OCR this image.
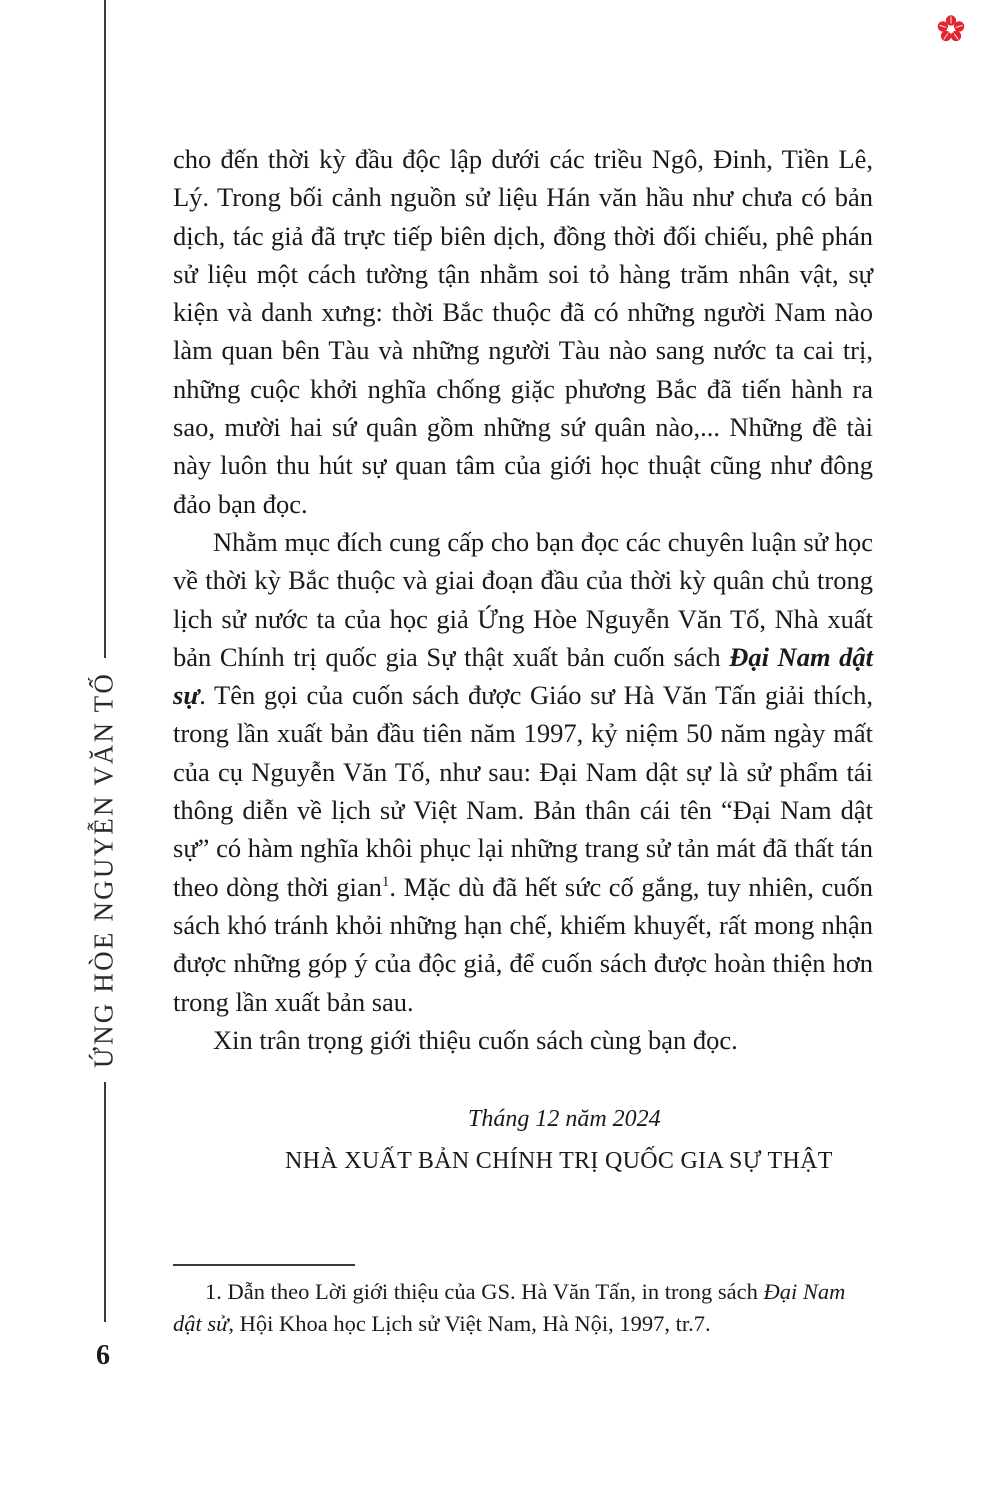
ỨNG HÒE NGUYỄN VĂN TỐ

cho đến thời kỳ đầu độc lập dưới các triều Ngô, Đinh, Tiền Lê, Lý. Trong bối cảnh nguồn sử liệu Hán văn hầu như chưa có bản dịch, tác giả đã trực tiếp biên dịch, đồng thời đối chiếu, phê phán sử liệu một cách tường tận nhằm soi tỏ hàng trăm nhân vật, sự kiện và danh xưng: thời Bắc thuộc đã có những người Nam nào làm quan bên Tàu và những người Tàu nào sang nước ta cai trị, những cuộc khởi nghĩa chống giặc phương Bắc đã tiến hành ra sao, mười hai sứ quân gồm những sứ quân nào,... Những đề tài này luôn thu hút sự quan tâm của giới học thuật cũng như đông đảo bạn đọc.

Nhằm mục đích cung cấp cho bạn đọc các chuyên luận sử học về thời kỳ Bắc thuộc và giai đoạn đầu của thời kỳ quân chủ trong lịch sử nước ta của học giả Ứng Hòe Nguyễn Văn Tố, Nhà xuất bản Chính trị quốc gia Sự thật xuất bản cuốn sách Đại Nam dật sự. Tên gọi của cuốn sách được Giáo sư Hà Văn Tấn giải thích, trong lần xuất bản đầu tiên năm 1997, kỷ niệm 50 năm ngày mất của cụ Nguyễn Văn Tố, như sau: Đại Nam dật sự là sử phẩm tái thông diễn về lịch sử Việt Nam. Bản thân cái tên “Đại Nam dật sự” có hàm nghĩa khôi phục lại những trang sử tản mát đã thất tán theo dòng thời gian$^1$. Mặc dù đã hết sức cố gắng, tuy nhiên, cuốn sách khó tránh khỏi những hạn chế, khiếm khuyết, rất mong nhận được những góp ý của độc giả, để cuốn sách được hoàn thiện hơn trong lần xuất bản sau.

Xin trân trọng giới thiệu cuốn sách cùng bạn đọc.

Tháng 12 năm 2024
NHÀ XUẤT BẢN CHÍNH TRỊ QUỐC GIA SỰ THẬT
1. Dẫn theo Lời giới thiệu của GS. Hà Văn Tấn, in trong sách Đại Nam dật sử, Hội Khoa học Lịch sử Việt Nam, Hà Nội, 1997, tr.7.
6
